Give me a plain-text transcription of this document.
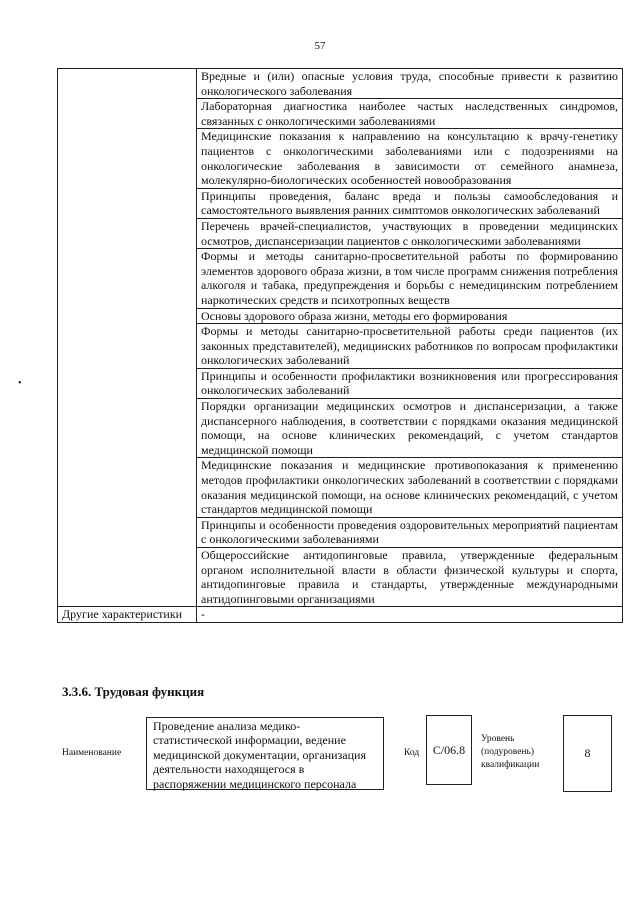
57
•
	Вредные и (или) опасные условия труда, способные привести к развитию онкологического заболевания
	Лабораторная диагностика наиболее частых наследственных синдромов, связанных с онкологическими заболеваниями
	Медицинские показания к направлению на консультацию к врачу-генетику пациентов с онкологическими заболеваниями или с подозрениями на онкологические заболевания в зависимости от семейного анамнеза, молекулярно-биологических особенностей новообразования
	Принципы проведения, баланс вреда и пользы самообследования и самостоятельного выявления ранних симптомов онкологических заболеваний
	Перечень врачей-специалистов, участвующих в проведении медицинских осмотров, диспансеризации пациентов с онкологическими заболеваниями
	Формы и методы санитарно-просветительной работы по формированию элементов здорового образа жизни, в том числе программ снижения потребления алкоголя и табака, предупреждения и борьбы с немедицинским потреблением наркотических средств и психотропных веществ
	Основы здорового образа жизни, методы его формирования
	Формы и методы санитарно-просветительной работы среди пациентов (их законных представителей), медицинских работников по вопросам профилактики онкологических заболеваний
	Принципы и особенности профилактики возникновения или прогрессирования онкологических заболеваний
	Порядки организации медицинских осмотров и диспансеризации, а также диспансерного наблюдения, в соответствии с порядками оказания медицинской помощи, на основе клинических рекомендаций, с учетом стандартов медицинской помощи
	Медицинские показания и медицинские противопоказания к применению методов профилактики онкологических заболеваний в соответствии с порядками оказания медицинской помощи, на основе клинических рекомендаций, с учетом стандартов медицинской помощи
	Принципы и особенности проведения оздоровительных мероприятий пациентам с онкологическими заболеваниями
	Общероссийские антидопинговые правила, утвержденные федеральным органом исполнительной власти в области физической культуры и спорта, антидопинговые правила и стандарты, утвержденные международными антидопинговыми организациями
Другие характеристики	-
3.3.6. Трудовая функция
Наименование
Проведение анализа медико-статистической информации, ведение медицинской документации, организация деятельности находящегося в распоряжении медицинского персонала
Код	С/06.8
Уровень (подуровень) квалификации
8
